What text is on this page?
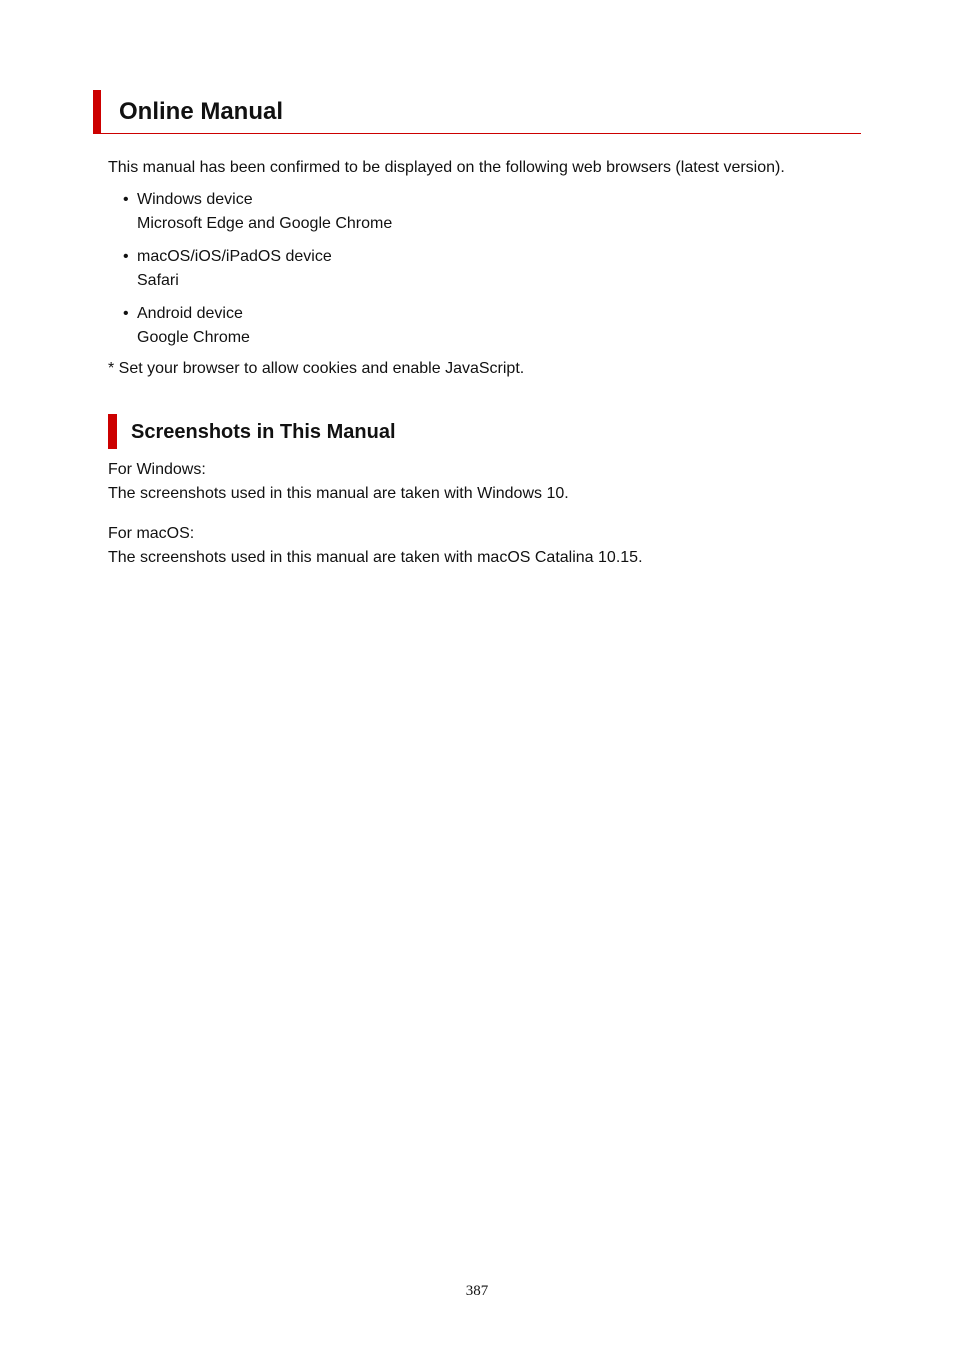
Online Manual

This manual has been confirmed to be displayed on the following web browsers (latest version).

• Windows device
Microsoft Edge and Google Chrome
• macOS/iOS/iPadOS device
Safari
• Android device
Google Chrome

* Set your browser to allow cookies and enable JavaScript.

Screenshots in This Manual
For Windows:
The screenshots used in this manual are taken with Windows 10.
For macOS:
The screenshots used in this manual are taken with macOS Catalina 10.15.
387
